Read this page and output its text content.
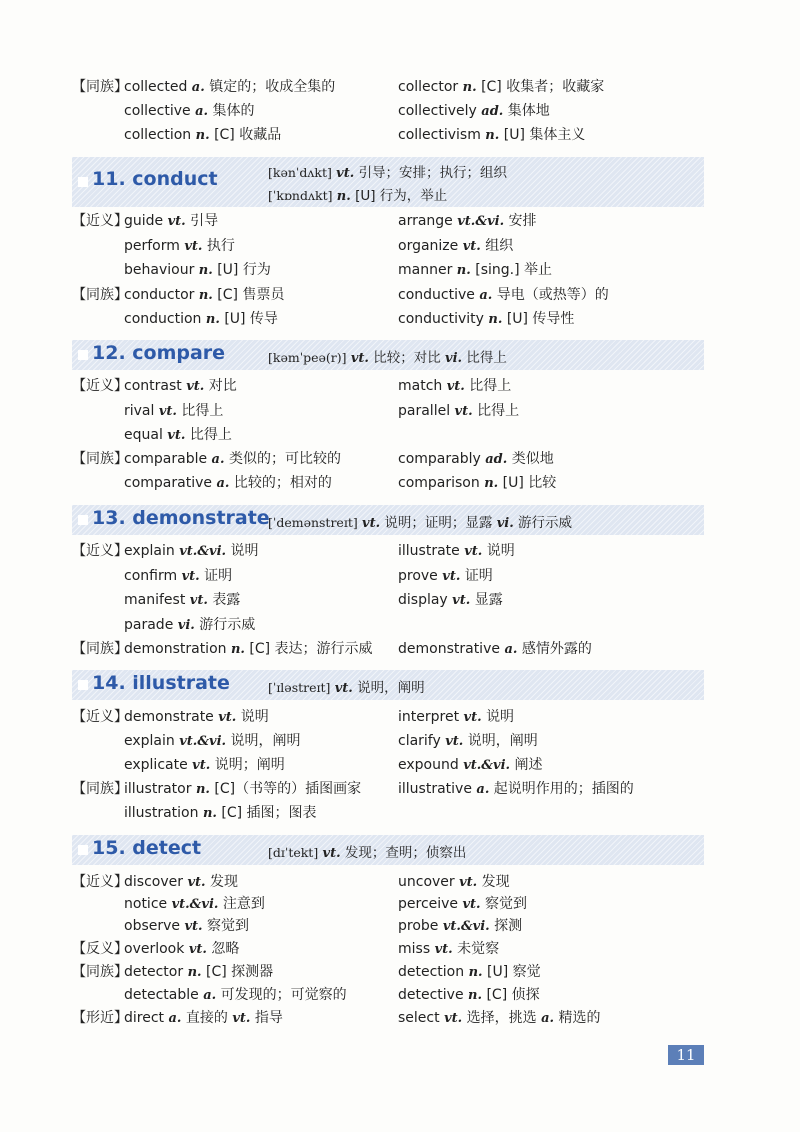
【同族】
collected a. 镇定的；收成全集的	collector n. [C] 收集者；收藏家
collective a. 集体的	collectively ad. 集体地
collection n. [C] 收藏品	collectivism n. [U] 集体主义
11. conduct	[kənˈdʌkt] vt. 引导；安排；执行；组织
[ˈkɒndʌkt] n. [U] 行为，举止
【近义】
guide vt. 引导	arrange vt.&vi. 安排
perform vt. 执行	organize vt. 组织
behaviour n. [U] 行为	manner n. [sing.] 举止
【同族】
conductor n. [C] 售票员	conductive a. 导电（或热等）的
conduction n. [U] 传导	conductivity n. [U] 传导性
12. compare	[kəmˈpeə(r)] vt. 比较；对比 vi. 比得上
【近义】
contrast vt. 对比	match vt. 比得上
rival vt. 比得上	parallel vt. 比得上
equal vt. 比得上
【同族】
comparable a. 类似的；可比较的	comparably ad. 类似地
comparative a. 比较的；相对的	comparison n. [U] 比较
13. demonstrate
[ˈdemənstreɪt] vt. 说明；证明；显露 vi. 游行示威
【近义】
explain vt.&vi. 说明	illustrate vt. 说明
confirm vt. 证明	prove vt. 证明
manifest vt. 表露	display vt. 显露
parade vi. 游行示威
【同族】
demonstration n. [C] 表达；游行示威 demonstrative a. 感情外露的
14. illustrate	[ˈɪləstreɪt] vt. 说明，阐明
【近义】
demonstrate vt. 说明	interpret vt. 说明
explain vt.&vi. 说明，阐明	clarify vt. 说明，阐明
explicate vt. 说明；阐明	expound vt.&vi. 阐述
【同族】
illustrator n. [C]（书等的）插图画家	illustrative a. 起说明作用的；插图的
illustration n. [C] 插图；图表
15. detect	[dɪˈtekt] vt. 发现；查明；侦察出
【近义】
discover vt. 发现	uncover vt. 发现
notice vt.&vi. 注意到	perceive vt. 察觉到
observe vt. 察觉到	probe vt.&vi. 探测
【反义】
overlook vt. 忽略	miss vt. 未觉察
【同族】
detector n. [C] 探测器	detection n. [U] 察觉
detectable a. 可发现的；可觉察的	detective n. [C] 侦探
【形近】
direct a. 直接的 vt. 指导	select vt. 选择，挑选 a. 精选的
11
